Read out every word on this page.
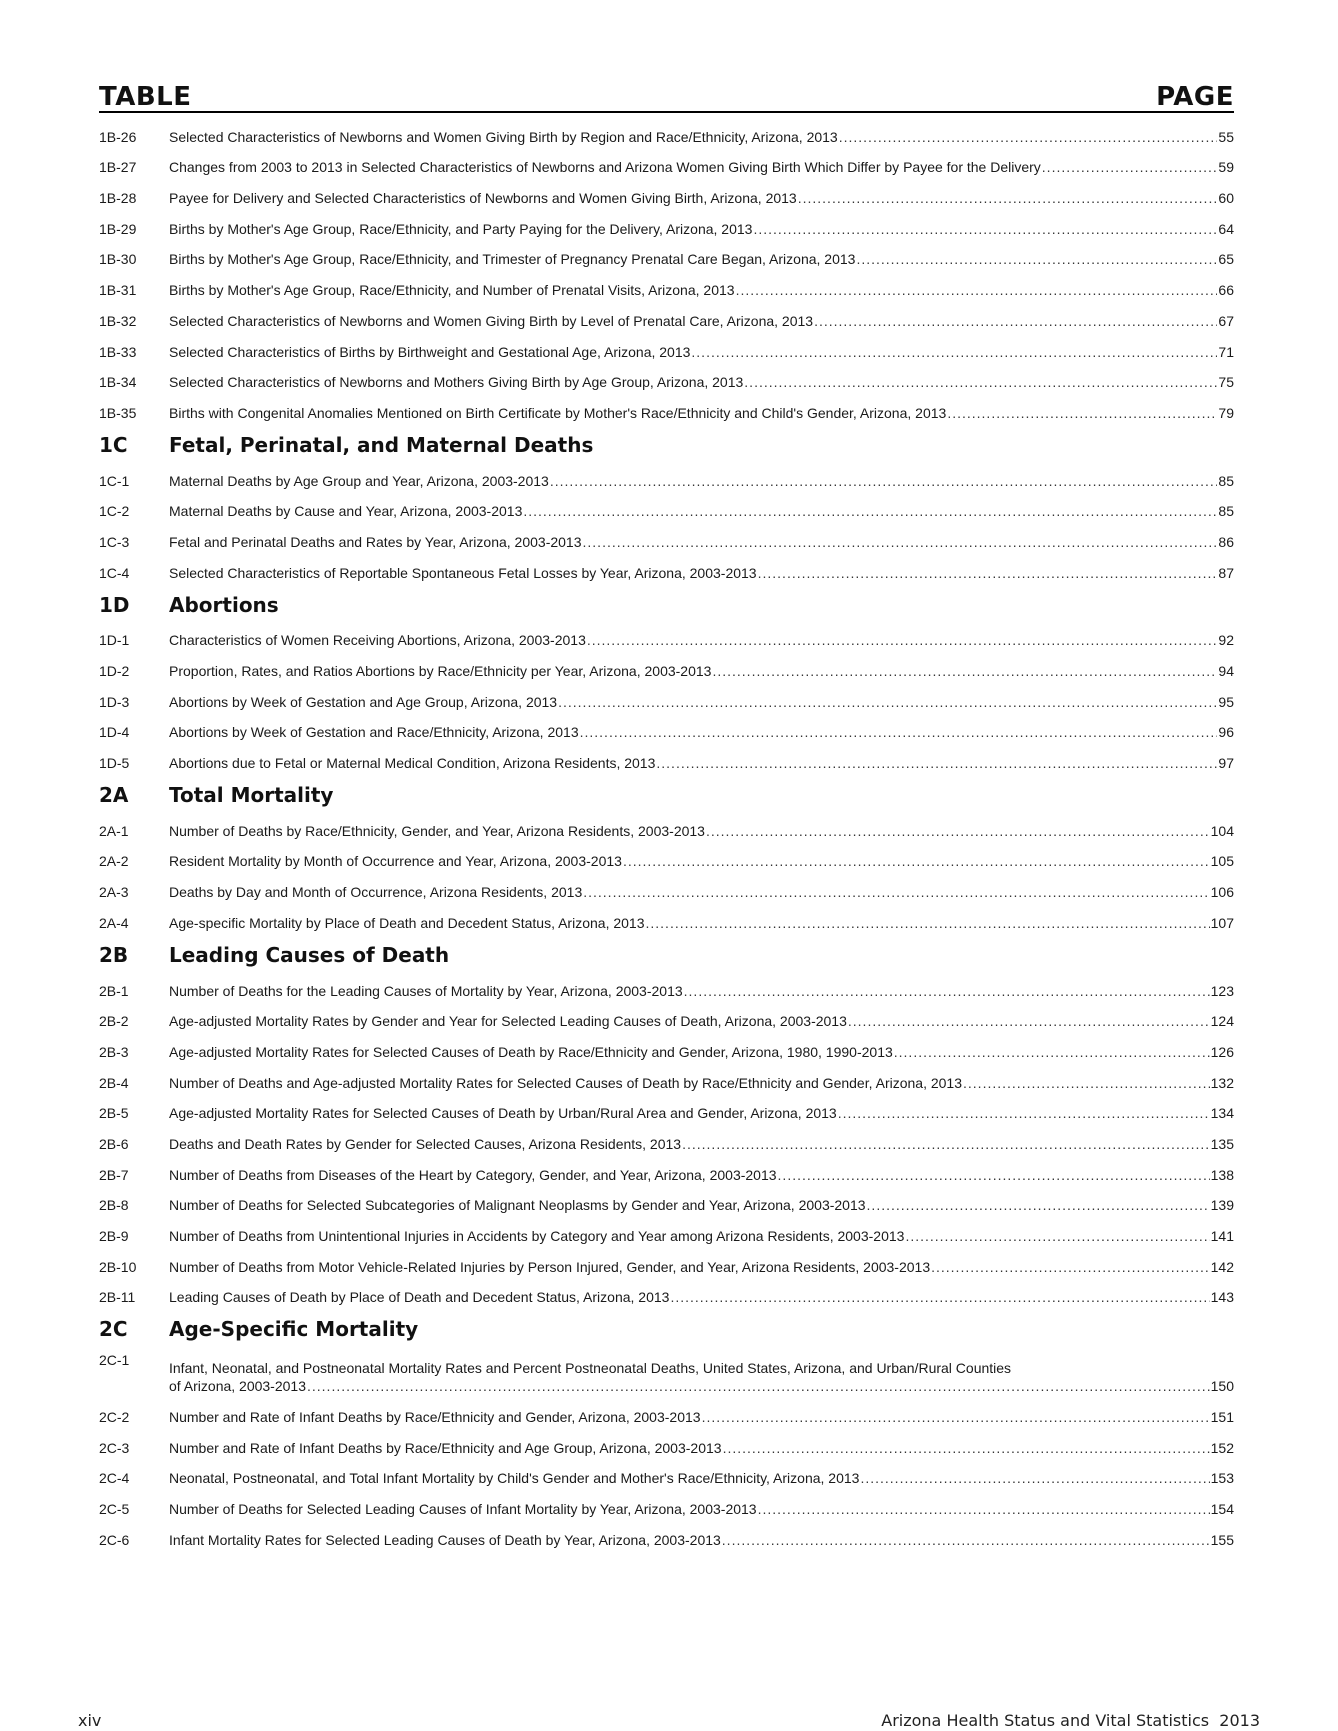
TABLE	PAGE
1B-26	Selected Characteristics of Newborns and Women Giving Birth by Region and Race/Ethnicity, Arizona, 2013 .....	55
1B-27	Changes from 2003 to 2013 in Selected Characteristics of Newborns and Arizona Women Giving Birth Which Differ by Payee for the Delivery .....	59
1B-28	Payee for Delivery and Selected Characteristics of Newborns and Women Giving Birth, Arizona, 2013 .....	60
1B-29	Births by Mother's Age Group, Race/Ethnicity, and Party Paying for the Delivery, Arizona, 2013 .....	64
1B-30	Births by Mother's Age Group, Race/Ethnicity, and Trimester of Pregnancy Prenatal Care Began, Arizona, 2013 .....	65
1B-31	Births by Mother's Age Group, Race/Ethnicity, and Number of Prenatal Visits, Arizona, 2013 .....	66
1B-32	Selected Characteristics of Newborns and Women Giving Birth by Level of Prenatal Care, Arizona, 2013 .....	67
1B-33	Selected Characteristics of Births by Birthweight and Gestational Age, Arizona, 2013 .....	71
1B-34	Selected Characteristics of Newborns and Mothers Giving Birth by Age Group, Arizona, 2013 .....	75
1B-35	Births with Congenital Anomalies Mentioned on Birth Certificate by Mother's Race/Ethnicity and Child's Gender, Arizona, 2013 .....	79
1C	Fetal, Perinatal, and Maternal Deaths
1C-1	Maternal Deaths by Age Group and Year, Arizona, 2003-2013 .....	85
1C-2	Maternal Deaths by Cause and Year, Arizona, 2003-2013 .....	85
1C-3	Fetal and Perinatal Deaths and Rates by Year, Arizona, 2003-2013 .....	86
1C-4	Selected Characteristics of Reportable Spontaneous Fetal Losses by Year, Arizona, 2003-2013 .....	87
1D	Abortions
1D-1	Characteristics of Women Receiving Abortions, Arizona, 2003-2013 .....	92
1D-2	Proportion, Rates, and Ratios Abortions by Race/Ethnicity per Year, Arizona, 2003-2013 .....	94
1D-3	Abortions by Week of Gestation and Age Group, Arizona, 2013 .....	95
1D-4	Abortions by Week of Gestation and Race/Ethnicity, Arizona, 2013 .....	96
1D-5	Abortions due to Fetal or Maternal Medical Condition, Arizona Residents, 2013 .....	97
2A	Total Mortality
2A-1	Number of Deaths by Race/Ethnicity, Gender, and Year, Arizona Residents, 2003-2013 .....	104
2A-2	Resident Mortality by Month of Occurrence and Year, Arizona, 2003-2013 .....	105
2A-3	Deaths by Day and Month of Occurrence, Arizona Residents, 2013 .....	106
2A-4	Age-specific Mortality by Place of Death and Decedent Status, Arizona, 2013 .....	107
2B	Leading Causes of Death
2B-1	Number of Deaths for the Leading Causes of Mortality by Year, Arizona, 2003-2013 .....	123
2B-2	Age-adjusted Mortality Rates by Gender and Year for Selected Leading Causes of Death, Arizona, 2003-2013 .....	124
2B-3	Age-adjusted Mortality Rates for Selected Causes of Death by Race/Ethnicity and Gender, Arizona, 1980, 1990-2013 .....	126
2B-4	Number of Deaths and Age-adjusted Mortality Rates for Selected Causes of Death by Race/Ethnicity and Gender, Arizona, 2013 .....	132
2B-5	Age-adjusted Mortality Rates for Selected Causes of Death by Urban/Rural Area and Gender, Arizona, 2013 .....	134
2B-6	Deaths and Death Rates by Gender for Selected Causes, Arizona Residents, 2013 .....	135
2B-7	Number of Deaths from Diseases of the Heart by Category, Gender, and Year, Arizona, 2003-2013 .....	138
2B-8	Number of Deaths for Selected Subcategories of Malignant Neoplasms by Gender and Year, Arizona, 2003-2013 .....	139
2B-9	Number of Deaths from Unintentional Injuries in Accidents by Category and Year among Arizona Residents, 2003-2013 .....	141
2B-10	Number of Deaths from Motor Vehicle-Related Injuries by Person Injured, Gender, and Year, Arizona Residents, 2003-2013 .....	142
2B-11	Leading Causes of Death by Place of Death and Decedent Status, Arizona, 2013 .....	143
2C	Age-Specific Mortality
2C-1	Infant, Neonatal, and Postneonatal Mortality Rates and Percent Postneonatal Deaths, United States, Arizona, and Urban/Rural Counties
of Arizona, 2003-2013 .....	150
2C-2	Number and Rate of Infant Deaths by Race/Ethnicity and Gender, Arizona, 2003-2013 .....	151
2C-3	Number and Rate of Infant Deaths by Race/Ethnicity and Age Group, Arizona, 2003-2013 .....	152
2C-4	Neonatal, Postneonatal, and Total Infant Mortality by Child's Gender and Mother's Race/Ethnicity, Arizona, 2013 .....	153
2C-5	Number of Deaths for Selected Leading Causes of Infant Mortality by Year, Arizona, 2003-2013 .....	154
2C-6	Infant Mortality Rates for Selected Leading Causes of Death by Year, Arizona, 2003-2013 .....	155
xiv	Arizona Health Status and Vital Statistics  2013
